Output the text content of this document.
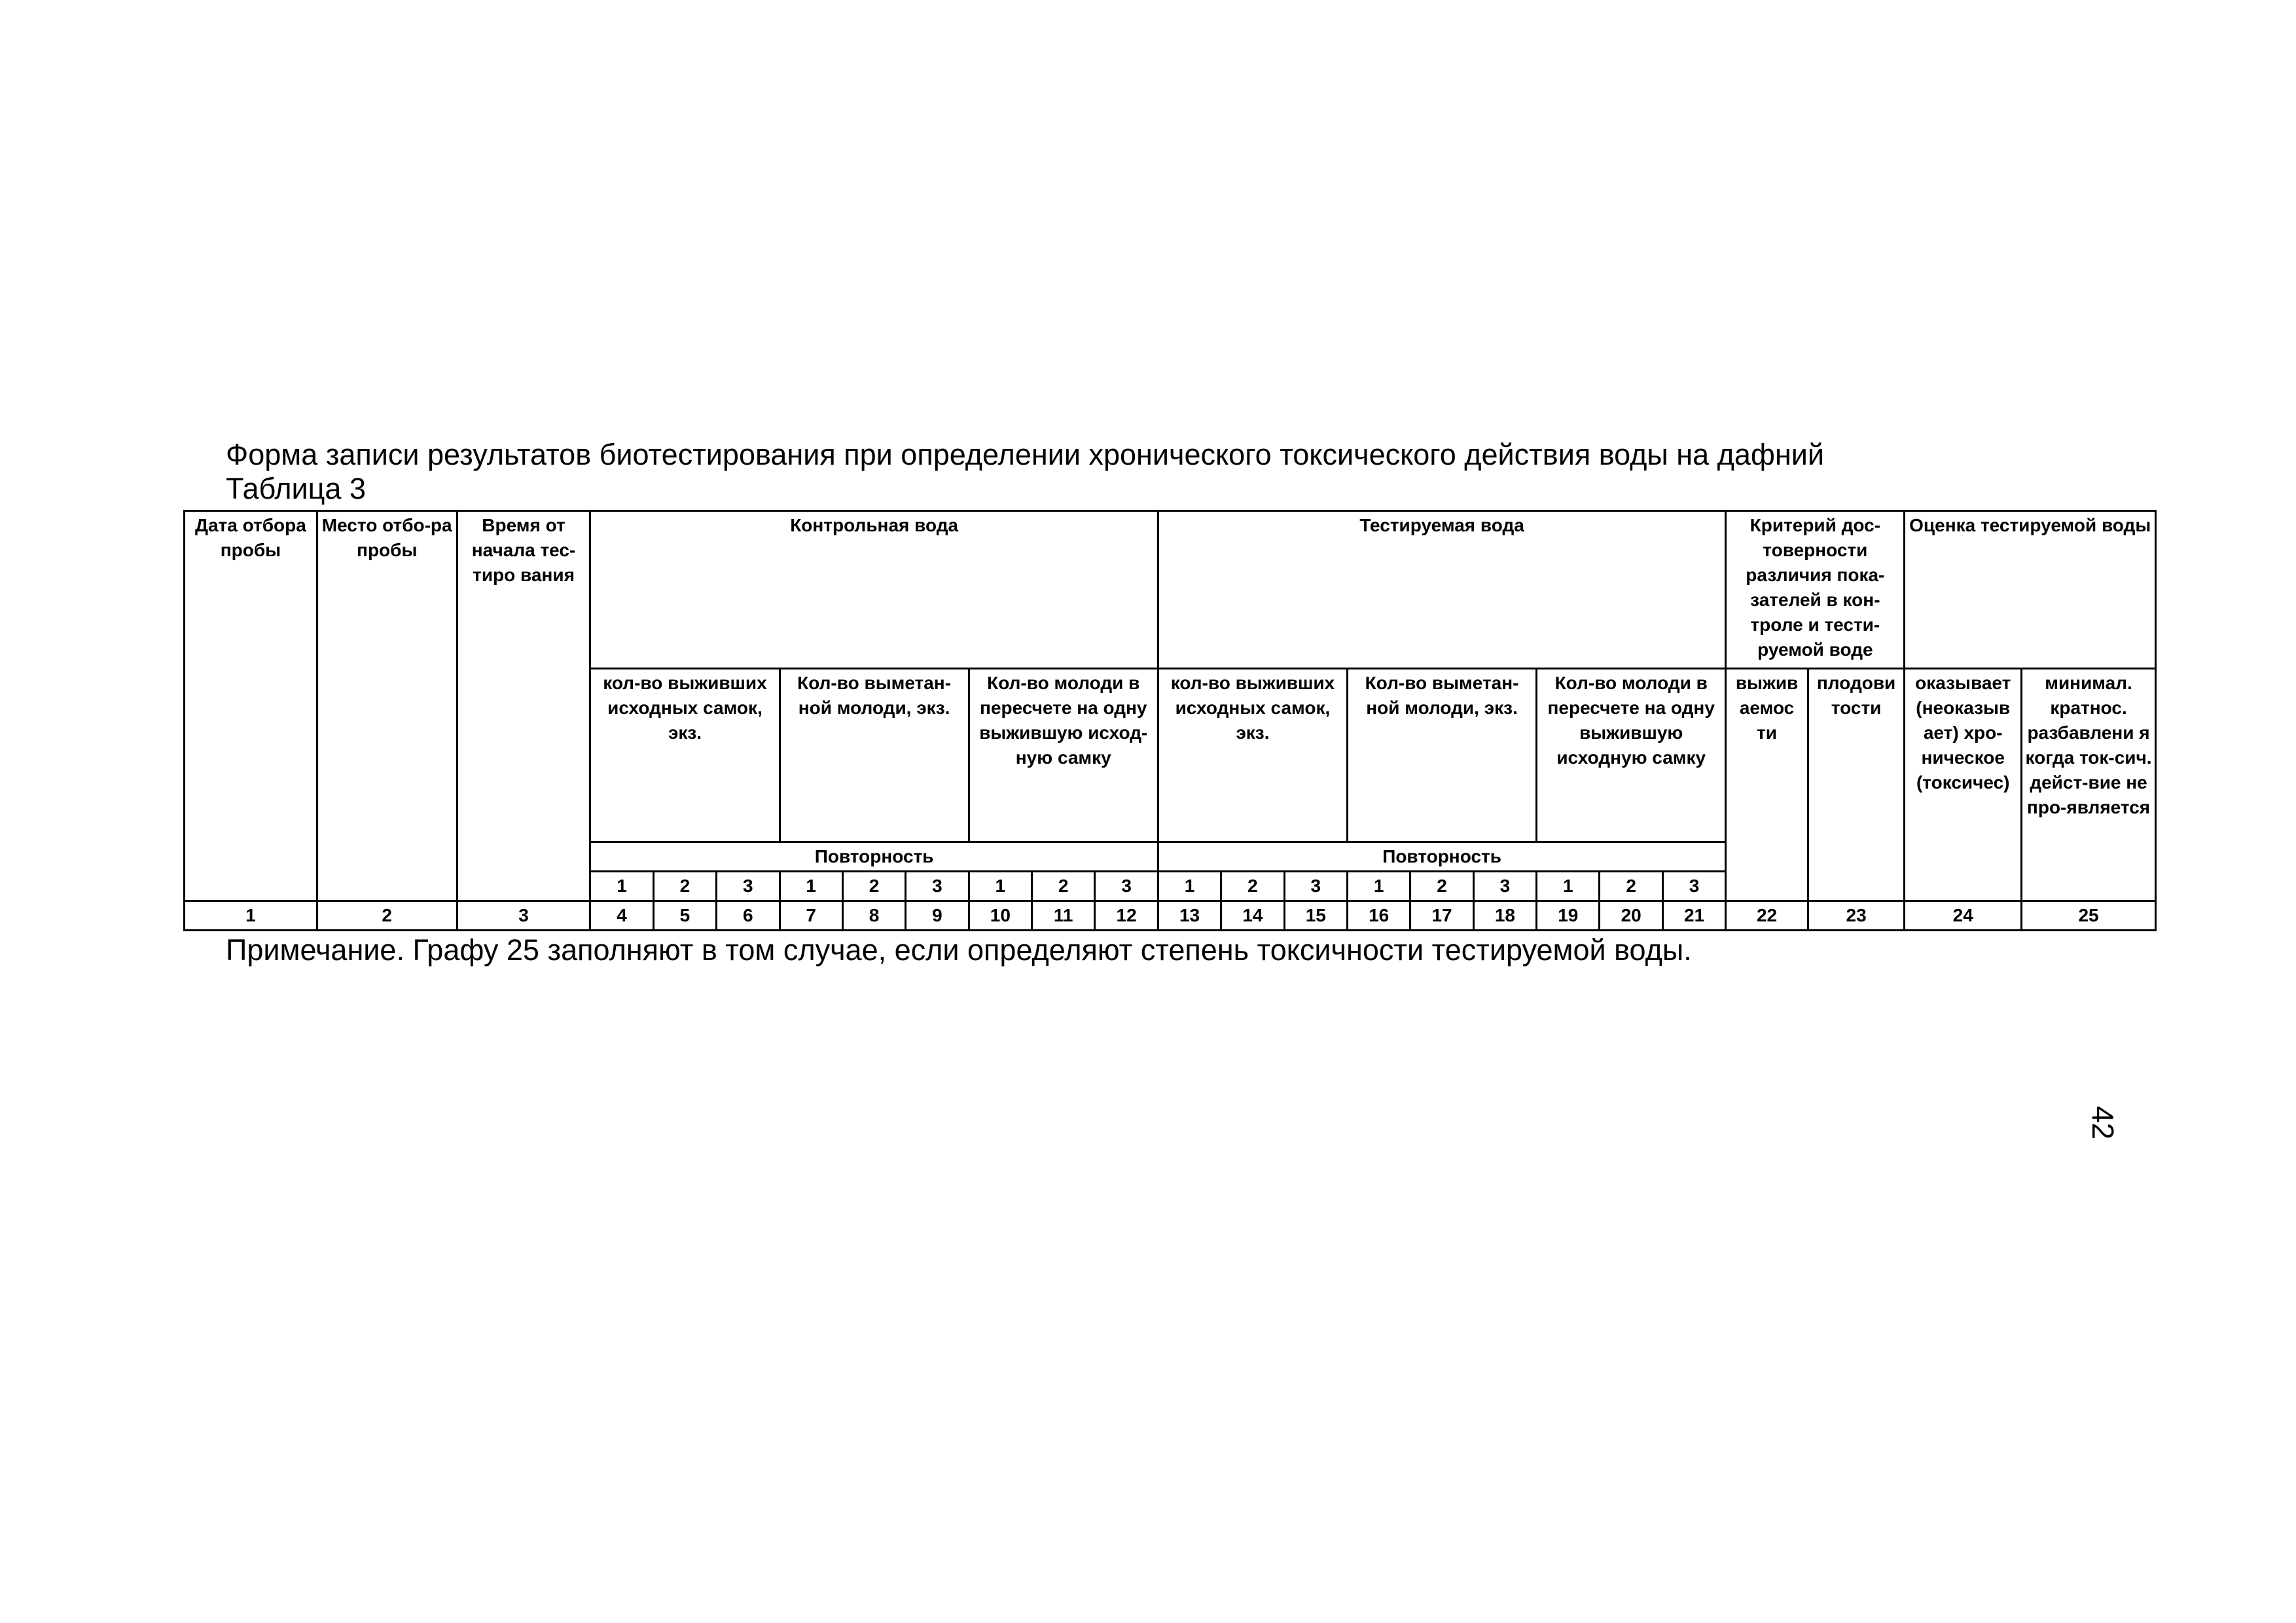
Форма записи результатов биотестирования при определении хронического токсического действия воды на дафний
Таблица 3
Дата отбора пробы	Место отбо-ра пробы	Время от начала тес-тиро вания	Контрольная вода									Тестируемая вода									Критерий дос-товерности различия пока-зателей в кон-троле и тести-руемой воде		Оценка тестируемой воды	
			кол-во выживших исходных самок, экз.			Кол-во выметан-ной молоди, экз.			Кол-во молоди в пересчете на одну выжившую исход-ную самку			кол-во выживших исходных самок, экз.			Кол-во выметан-ной молоди, экз.			Кол-во молоди в пересчете на одну выжившую исходную самку			выжив аемос ти	плодови тости	оказывает (неоказыв ает) хро-ническое (токсичес)	минимал. кратнос. разбавлени я когда ток-сич. дейст-вие не про-является
			Повторность									Повторность												
			1	2	3	1	2	3	1	2	3	1	2	3	1	2	3	1	2	3				
1	2	3	4	5	6	7	8	9	10	11	12	13	14	15	16	17	18	19	20	21	22	23	24	25
Примечание. Графу 25 заполняют в том случае, если определяют степень токсичности тестируемой воды.
42
